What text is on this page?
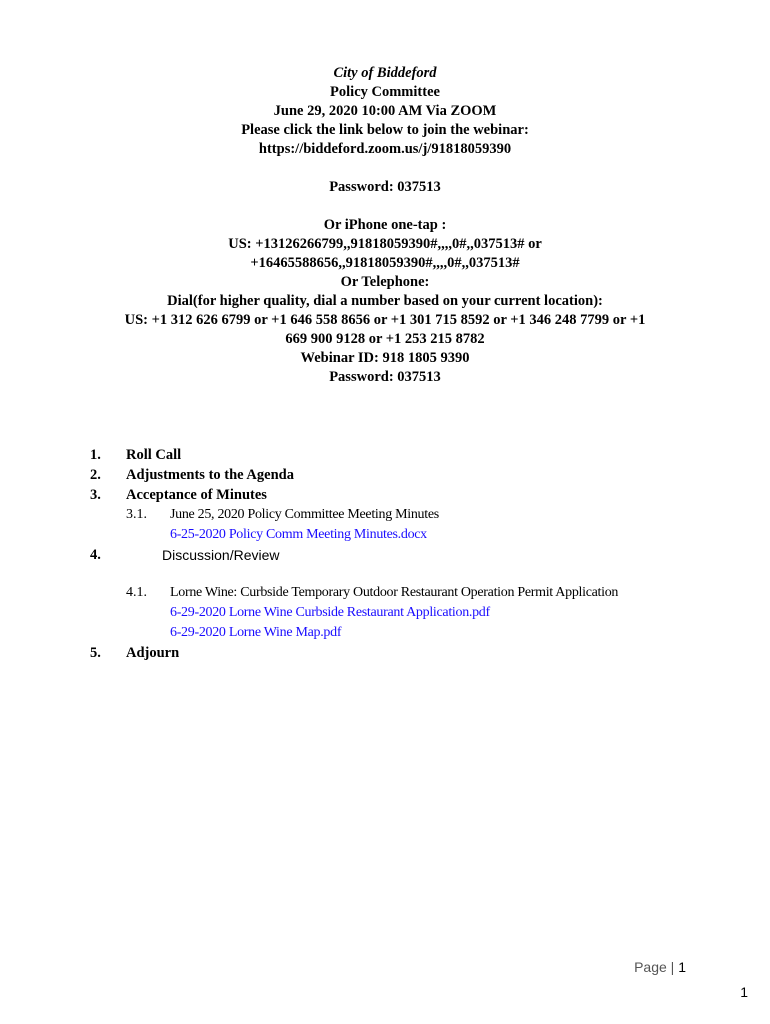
City of Biddeford
Policy Committee
June 29, 2020 10:00 AM Via ZOOM
Please click the link below to join the webinar:
https://biddeford.zoom.us/j/91818059390
Password: 037513
Or iPhone one-tap :
US: +13126266799,,91818059390#,,,,0#,,037513# or
+16465588656,,91818059390#,,,,0#,,037513#
Or Telephone:
Dial(for higher quality, dial a number based on your current location):
US: +1 312 626 6799 or +1 646 558 8656 or +1 301 715 8592 or +1 346 248 7799 or +1
669 900 9128 or +1 253 215 8782
Webinar ID: 918 1805 9390
Password: 037513
1. Roll Call
2. Adjustments to the Agenda
3. Acceptance of Minutes
3.1. June 25, 2020 Policy Committee Meeting Minutes
6-25-2020 Policy Comm Meeting Minutes.docx
4.	Discussion/Review
4.1. Lorne Wine: Curbside Temporary Outdoor Restaurant Operation Permit Application
6-29-2020 Lorne Wine Curbside Restaurant Application.pdf
6-29-2020 Lorne Wine Map.pdf
5. Adjourn
Page | 1
1
